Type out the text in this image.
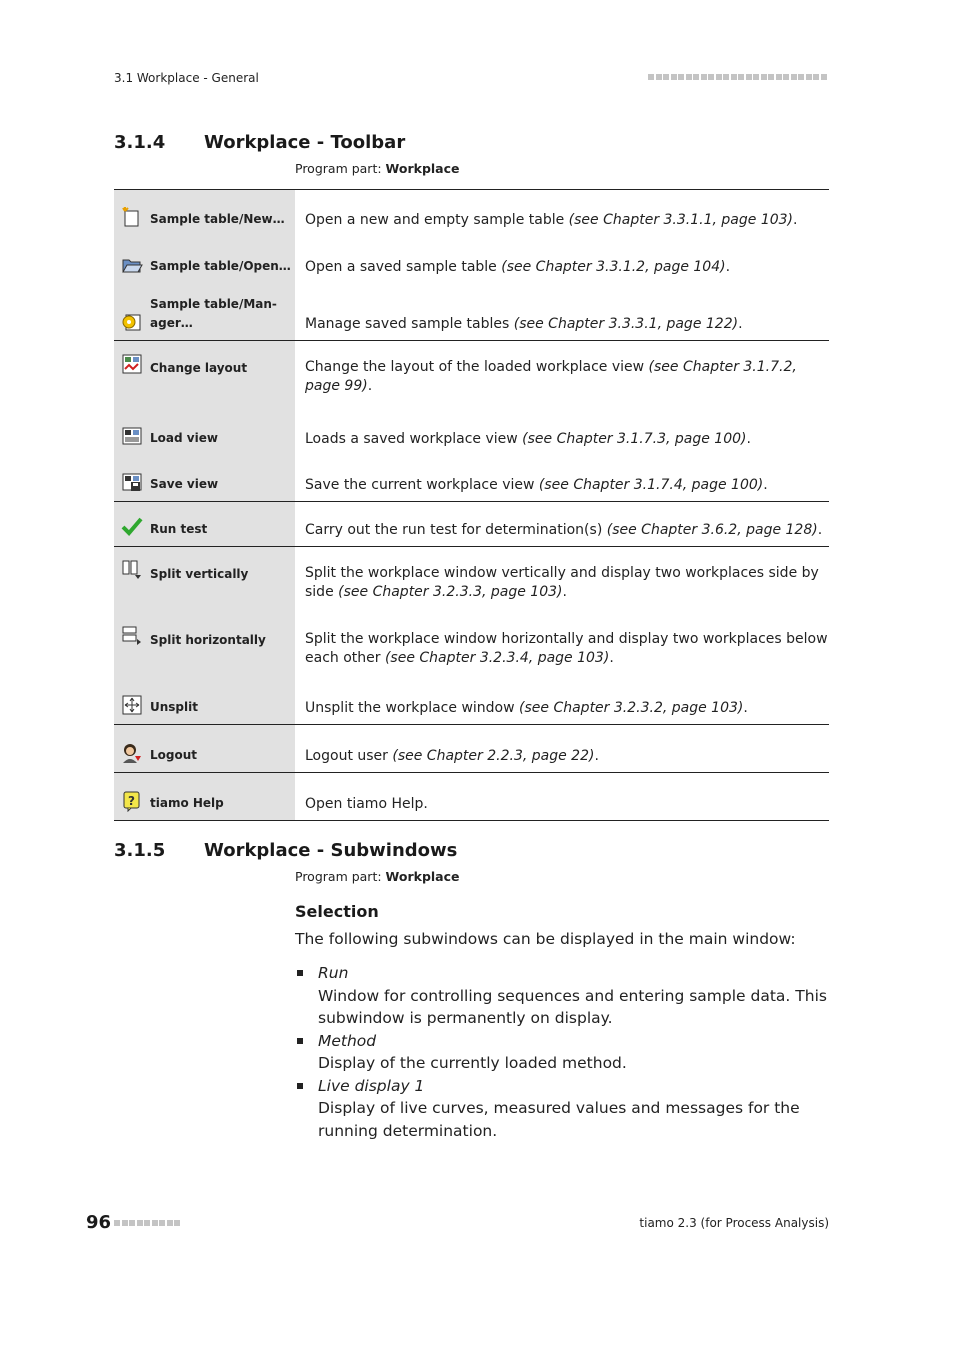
3.1 Workplace - General
3.1.4 Workplace - Toolbar
Program part: Workplace
Sample table/New…	Open a new and empty sample table (see Chapter 3.3.1.1, page 103).

Sample table/Open…	Open a saved sample table (see Chapter 3.3.1.2, page 104).

Sample table/Manager…	Manage saved sample tables (see Chapter 3.3.3.1, page 122).

Change layout	Change the layout of the loaded workplace view (see Chapter 3.1.7.2, page 99).

Load view	Loads a saved workplace view (see Chapter 3.1.7.3, page 100).

Save view	Save the current workplace view (see Chapter 3.1.7.4, page 100).

Run test	Carry out the run test for determination(s) (see Chapter 3.6.2, page 128).

Split vertically	Split the workplace window vertically and display two workplaces side by side (see Chapter 3.2.3.3, page 103).

Split horizontally	Split the workplace window horizontally and display two workplaces below each other (see Chapter 3.2.3.4, page 103).

Unsplit	Unsplit the workplace window (see Chapter 3.2.3.2, page 103).

Logout	Logout user (see Chapter 2.2.3, page 22).

? tiamo Help	Open tiamo Help.
3.1.5 Workplace - Subwindows
Program part: Workplace
Selection
The following subwindows can be displayed in the main window:
Run
Window for controlling sequences and entering sample data. This subwindow is permanently on display.
Method
Display of the currently loaded method.
Live display 1
Display of live curves, measured values and messages for the running determination.
96	tiamo 2.3 (for Process Analysis)
